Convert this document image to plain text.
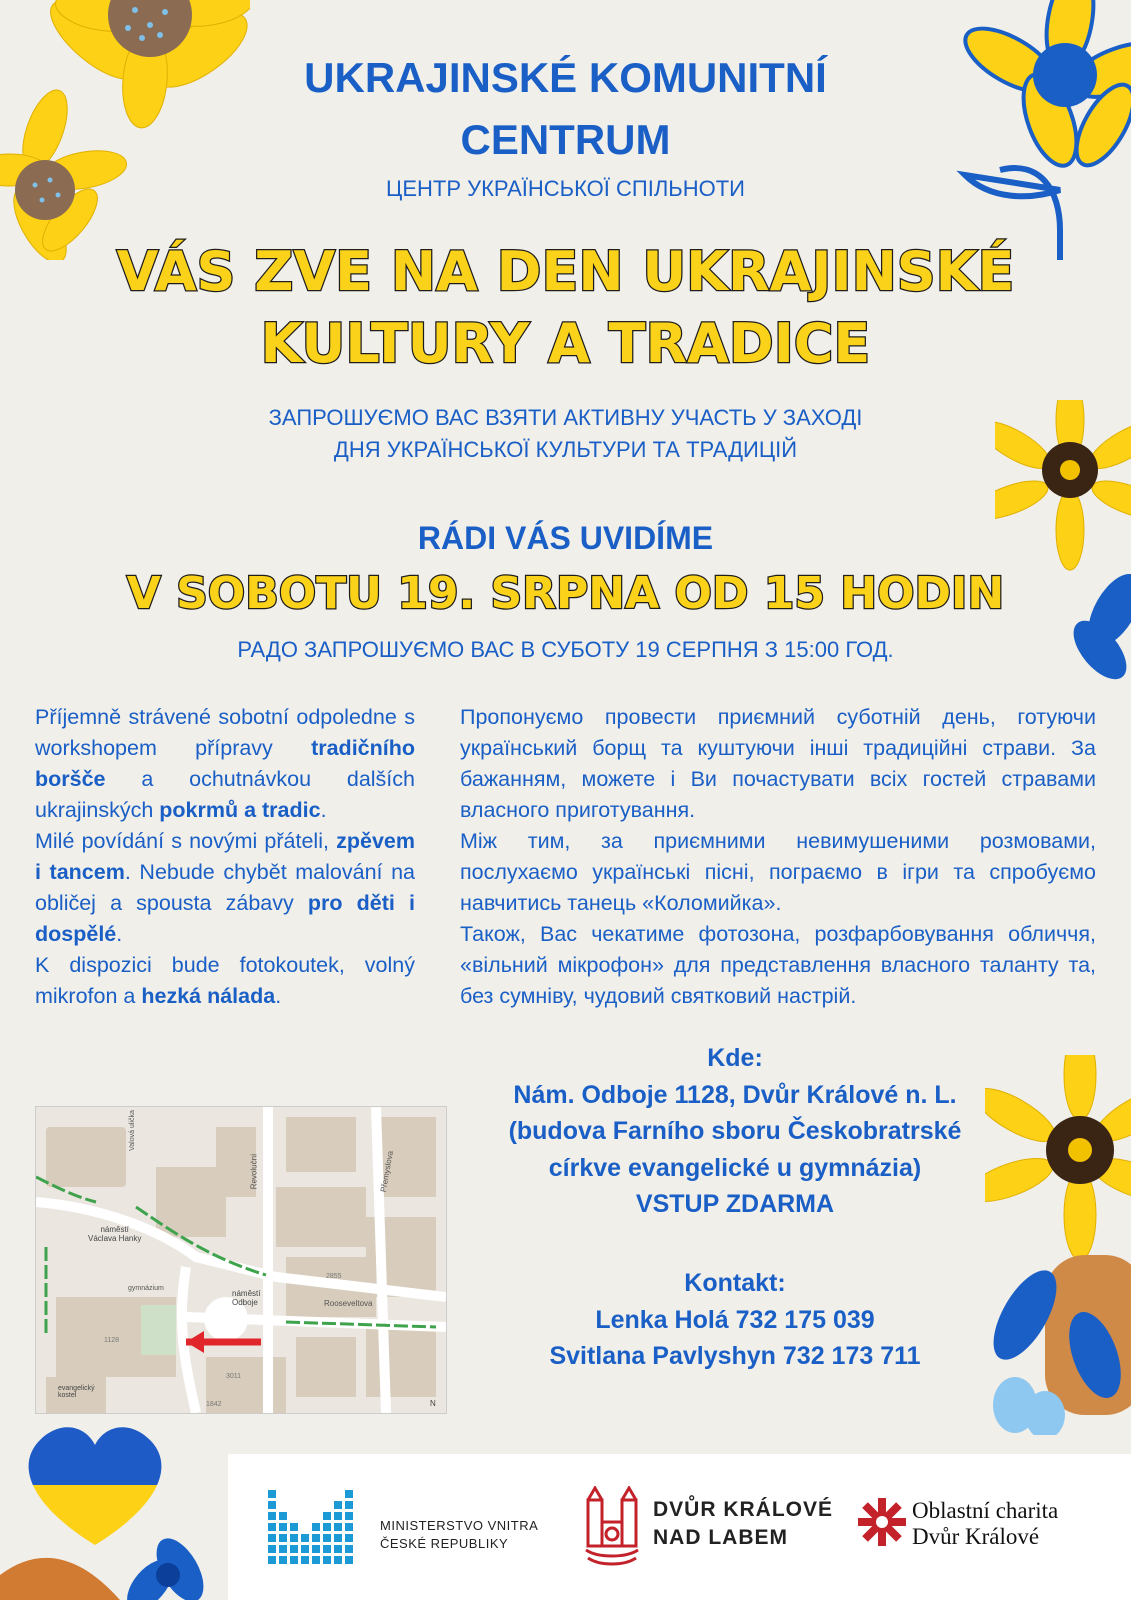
UKRAJINSKÉ KOMUNITNÍ
CENTRUM
ЦЕНТР УКРАЇНСЬКОЇ СПІЛЬНОТИ
VÁS ZVE NA DEN UKRAJINSKÉ
KULTURY A TRADICE
ЗАПРОШУЄМО ВАС ВЗЯТИ АКТИВНУ УЧАСТЬ У ЗАХОДІ
ДНЯ УКРАЇНСЬКОЇ КУЛЬТУРИ ТА ТРАДИЦІЙ
RÁDI VÁS UVIDÍME
V SOBOTU 19. SRPNA OD 15 HODIN
РАДО ЗАПРОШУЄМО ВАС В СУБОТУ 19 СЕРПНЯ З 15:00 ГОД.

Příjemně strávené sobotní odpoledne s workshopem přípravy tradičního boršče a ochutnávkou dalších ukrajinských pokrmů a tradic.

Milé povídání s novými přáteli, zpěvem i tancem. Nebude chybět malování na obličej a spousta zábavy pro děti i dospělé.

K dispozici bude fotokoutek, volný mikrofon a hezká nálada.

Пропонуємо провести приємний суботній день, готуючи український борщ та куштуючи інші традиційні страви. За бажанням, можете і Ви почастувати всіх гостей стравами власного приготування.

Між тим, за приємними невимушеними розмовами, послухаємо українські пісні, пограємо в ігри та спробуємо навчитись танець «Коломийка».

Також, Вас чекатиме фотозона, розфарбовування обличчя, «вільний мікрофон» для представлення власного таланту та, без сумніву, чудовий святковий настрій.

náměstí
Václava Hanky
náměstí
Odboje
Revoluční	Přemyslova
Rooseveltova
Valová ulička
gymnázium
evangelický
kostel
1128
2855
3011
1842	N
Kde:
Nám. Odboje 1128, Dvůr Králové n. L.
(budova Farního sboru Českobratrské
církve evangelické u gymnázia)
VSTUP ZDARMA
Kontakt:
Lenka Holá 732 175 039
Svitlana Pavlyshyn 732 173 711
MINISTERSTVO VNITRA
ČESKÉ REPUBLIKY
DVŮR KRÁLOVÉ
NAD LABEM
Oblastní charita
Dvůr Králové
